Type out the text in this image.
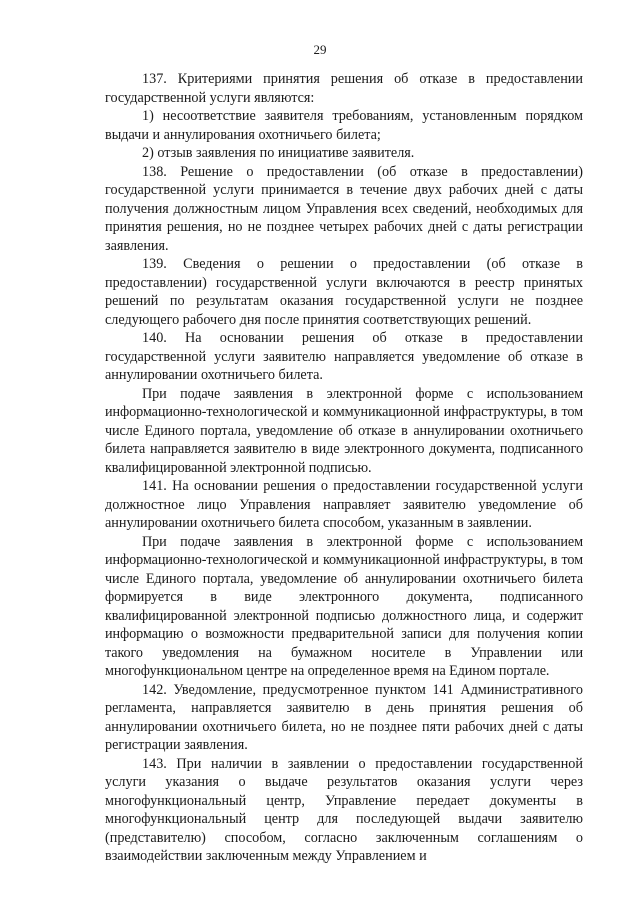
29

137. Критериями принятия решения об отказе в предоставлении государственной услуги являются:

1) несоответствие заявителя требованиям, установленным порядком выдачи и аннулирования охотничьего билета;

2) отзыв заявления по инициативе заявителя.

138. Решение о предоставлении (об отказе в предоставлении) государственной услуги принимается в течение двух рабочих дней с даты получения должностным лицом Управления всех сведений, необходимых для принятия решения, но не позднее четырех рабочих дней с даты регистрации заявления.

139. Сведения о решении о предоставлении (об отказе в предоставлении) государственной услуги включаются в реестр принятых решений по результатам оказания государственной услуги не позднее следующего рабочего дня после принятия соответствующих решений.

140. На основании решения об отказе в предоставлении государственной услуги заявителю направляется уведомление об отказе в аннулировании охотничьего билета.

При подаче заявления в электронной форме с использованием информационно-технологической и коммуникационной инфраструктуры, в том числе Единого портала, уведомление об отказе в аннулировании охотничьего билета направляется заявителю в виде электронного документа, подписанного квалифицированной электронной подписью.

141. На основании решения о предоставлении государственной услуги должностное лицо Управления направляет заявителю уведомление об аннулировании охотничьего билета способом, указанным в заявлении.

При подаче заявления в электронной форме с использованием информационно-технологической и коммуникационной инфраструктуры, в том числе Единого портала, уведомление об аннулировании охотничьего билета формируется в виде электронного документа, подписанного квалифицированной электронной подписью должностного лица, и содержит информацию о возможности предварительной записи для получения копии такого уведомления на бумажном носителе в Управлении или многофункциональном центре на определенное время на Едином портале.

142. Уведомление, предусмотренное пунктом 141 Административного регламента, направляется заявителю в день принятия решения об аннулировании охотничьего билета, но не позднее пяти рабочих дней с даты регистрации заявления.

143. При наличии в заявлении о предоставлении государственной услуги указания о выдаче результатов оказания услуги через многофункциональный центр, Управление передает документы в многофункциональный центр для последующей выдачи заявителю (представителю) способом, согласно заключенным соглашениям о взаимодействии заключенным между Управлением и
